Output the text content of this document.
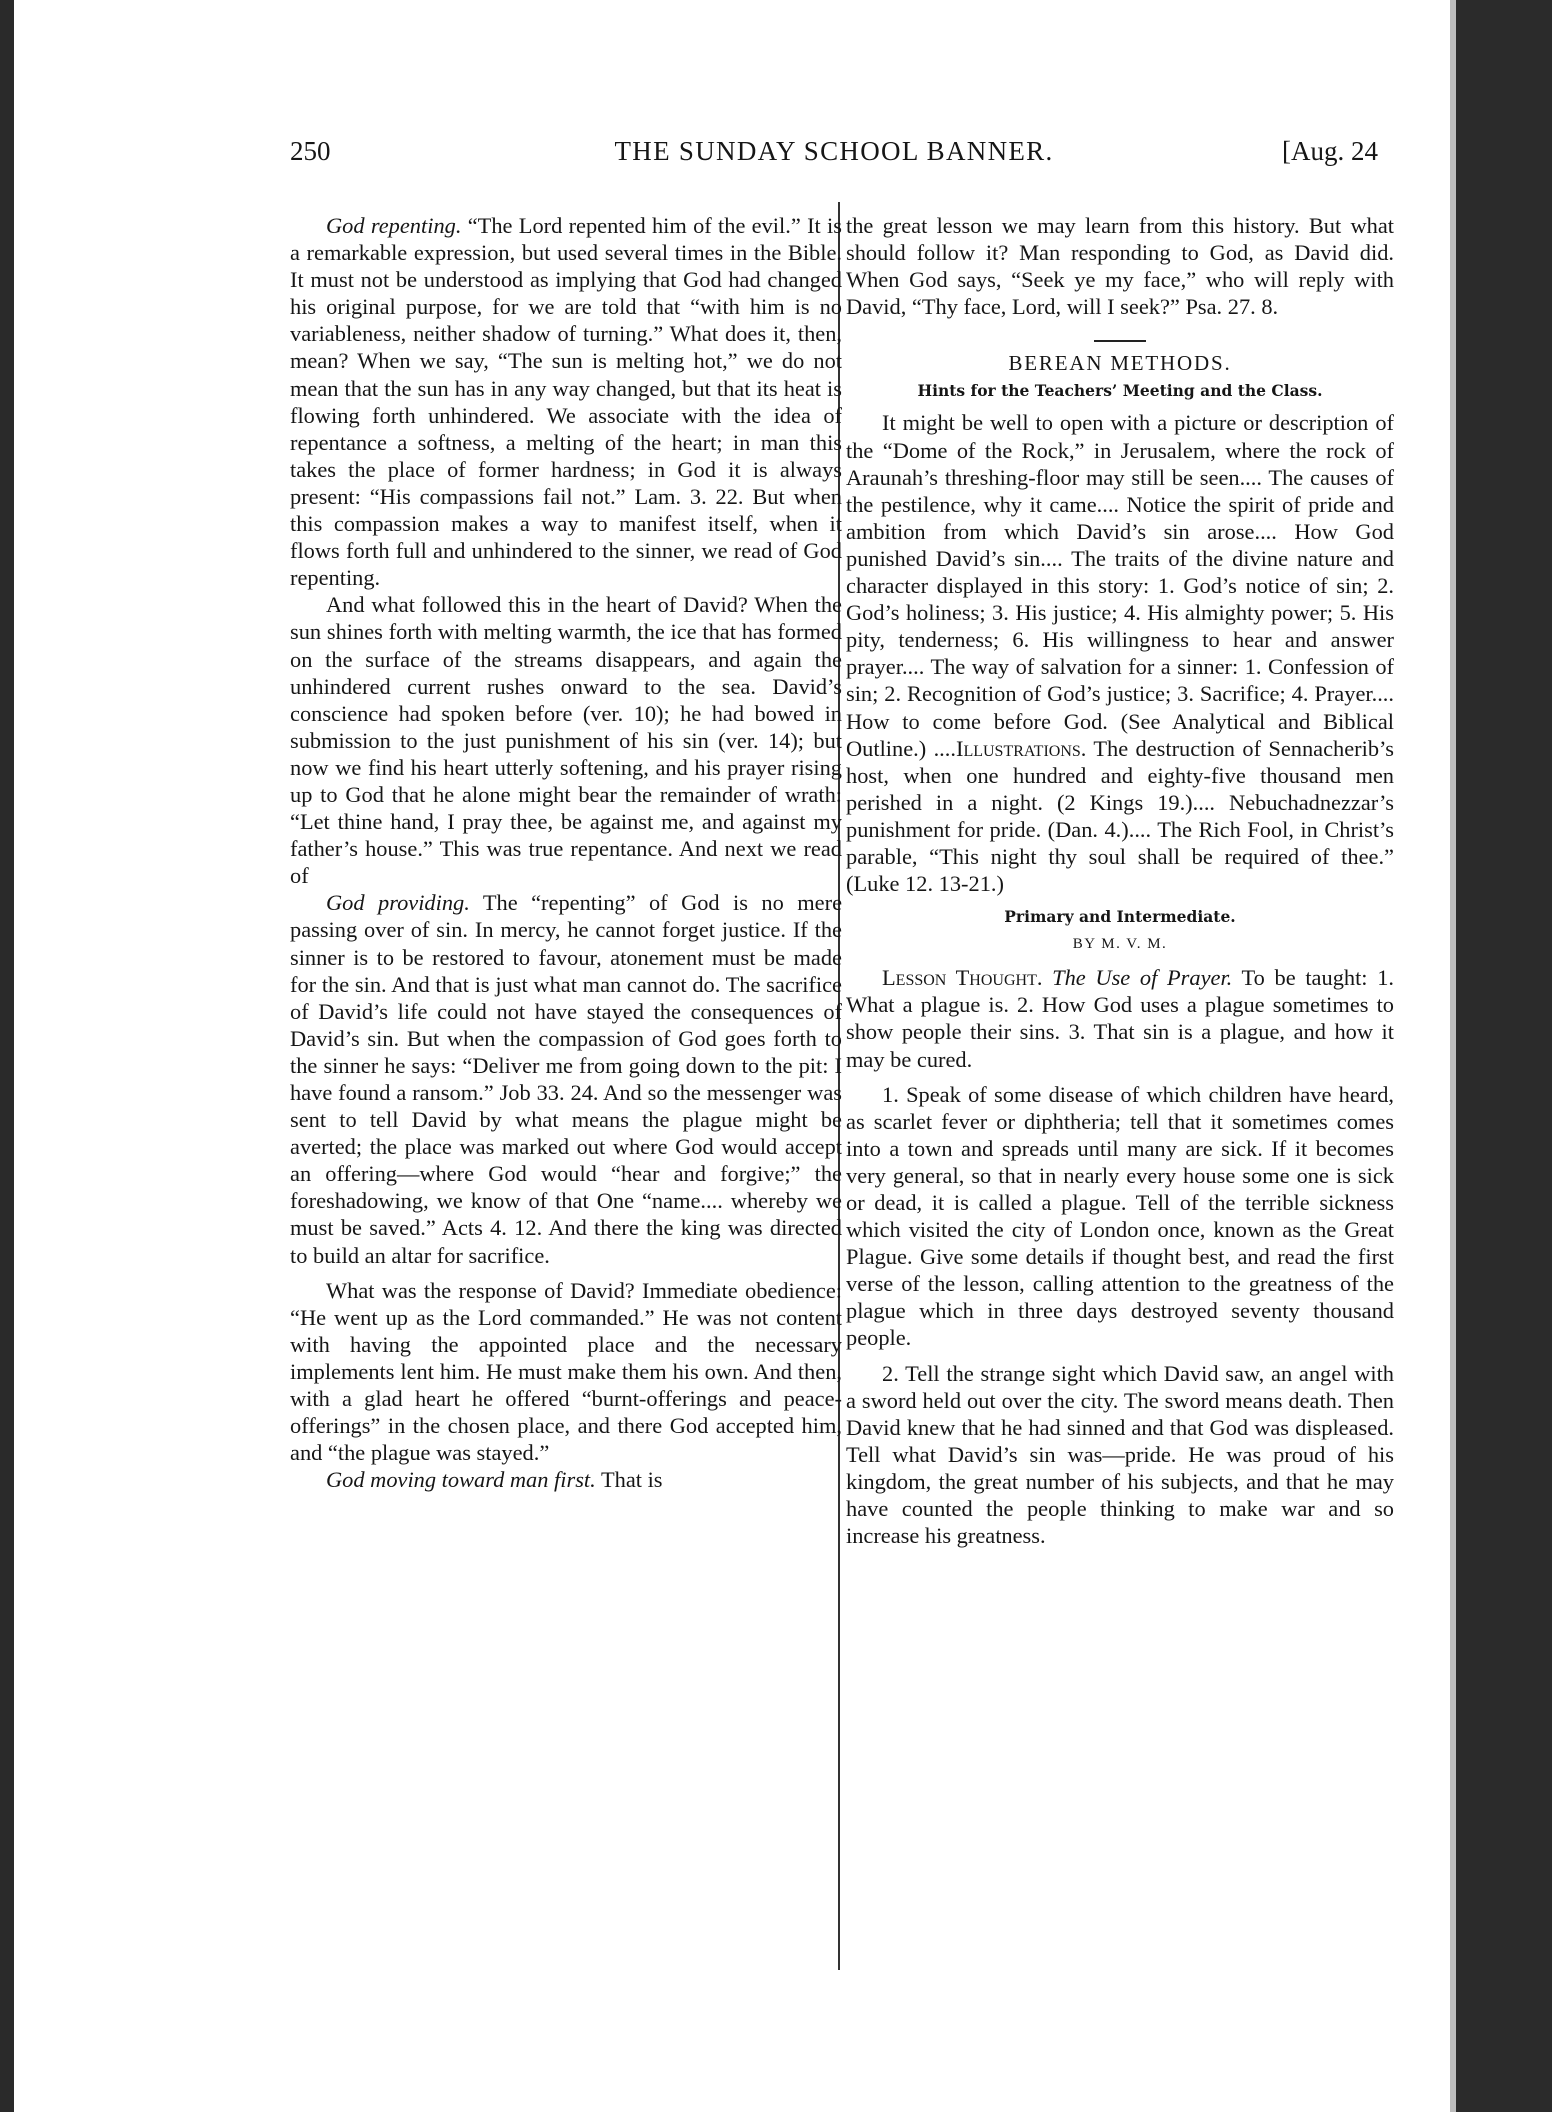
250	THE SUNDAY SCHOOL BANNER.	[Aug. 24

God repenting. “The Lord repented him of the evil.” It is a remarkable expression, but used several times in the Bible. It must not be understood as implying that God had changed his original purpose, for we are told that “with him is no variableness, neither shadow of turning.” What does it, then, mean? When we say, “The sun is melting hot,” we do not mean that the sun has in any way changed, but that its heat is flowing forth unhindered. We associate with the idea of repentance a softness, a melting of the heart; in man this takes the place of former hardness; in God it is always present: “His compassions fail not.” Lam. 3. 22. But when this compassion makes a way to manifest itself, when it flows forth full and unhindered to the sinner, we read of God repenting.

And what followed this in the heart of David? When the sun shines forth with melting warmth, the ice that has formed on the surface of the streams disappears, and again the unhindered current rushes onward to the sea. David’s conscience had spoken before (ver. 10); he had bowed in submission to the just punishment of his sin (ver. 14); but now we find his heart utterly softening, and his prayer rising up to God that he alone might bear the remainder of wrath: “Let thine hand, I pray thee, be against me, and against my father’s house.” This was true repentance. And next we read of

God providing. The “repenting” of God is no mere passing over of sin. In mercy, he cannot forget justice. If the sinner is to be restored to favour, atonement must be made for the sin. And that is just what man cannot do. The sacrifice of David’s life could not have stayed the consequences of David’s sin. But when the compassion of God goes forth to the sinner he says: “Deliver me from going down to the pit: I have found a ransom.” Job 33. 24. And so the messenger was sent to tell David by what means the plague might be averted; the place was marked out where God would accept an offering—where God would “hear and forgive;” the foreshadowing, we know of that One “name.... whereby we must be saved.” Acts 4. 12. And there the king was directed to build an altar for sacrifice.

What was the response of David? Immediate obedience: “He went up as the Lord commanded.” He was not content with having the appointed place and the necessary implements lent him. He must make them his own. And then, with a glad heart he offered “burnt-offerings and peace-offerings” in the chosen place, and there God accepted him, and “the plague was stayed.”

God moving toward man first. That is

the great lesson we may learn from this history. But what should follow it? Man responding to God, as David did. When God says, “Seek ye my face,” who will reply with David, “Thy face, Lord, will I seek?” Psa. 27. 8.

BEREAN METHODS.

Hints for the Teachers’ Meeting and the Class.

It might be well to open with a picture or description of the “Dome of the Rock,” in Jerusalem, where the rock of Araunah’s threshing-floor may still be seen.... The causes of the pestilence, why it came.... Notice the spirit of pride and ambition from which David’s sin arose.... How God punished David’s sin.... The traits of the divine nature and character displayed in this story: 1. God’s notice of sin; 2. God’s holiness; 3. His justice; 4. His almighty power; 5. His pity, tenderness; 6. His willingness to hear and answer prayer.... The way of salvation for a sinner: 1. Confession of sin; 2. Recognition of God’s justice; 3. Sacrifice; 4. Prayer.... How to come before God. (See Analytical and Biblical Outline.) ....Illustrations. The destruction of Sennacherib’s host, when one hundred and eighty-five thousand men perished in a night. (2 Kings 19.).... Nebuchadnezzar’s punishment for pride. (Dan. 4.).... The Rich Fool, in Christ’s parable, “This night thy soul shall be required of thee.” (Luke 12. 13-21.)

Primary and Intermediate.

BY M. V. M.

Lesson Thought. The Use of Prayer. To be taught: 1. What a plague is. 2. How God uses a plague sometimes to show people their sins. 3. That sin is a plague, and how it may be cured.

1. Speak of some disease of which children have heard, as scarlet fever or diphtheria; tell that it sometimes comes into a town and spreads until many are sick. If it becomes very general, so that in nearly every house some one is sick or dead, it is called a plague. Tell of the terrible sickness which visited the city of London once, known as the Great Plague. Give some details if thought best, and read the first verse of the lesson, calling attention to the greatness of the plague which in three days destroyed seventy thousand people.

2. Tell the strange sight which David saw, an angel with a sword held out over the city. The sword means death. Then David knew that he had sinned and that God was displeased. Tell what David’s sin was—pride. He was proud of his kingdom, the great number of his subjects, and that he may have counted the people thinking to make war and so increase his greatness.
